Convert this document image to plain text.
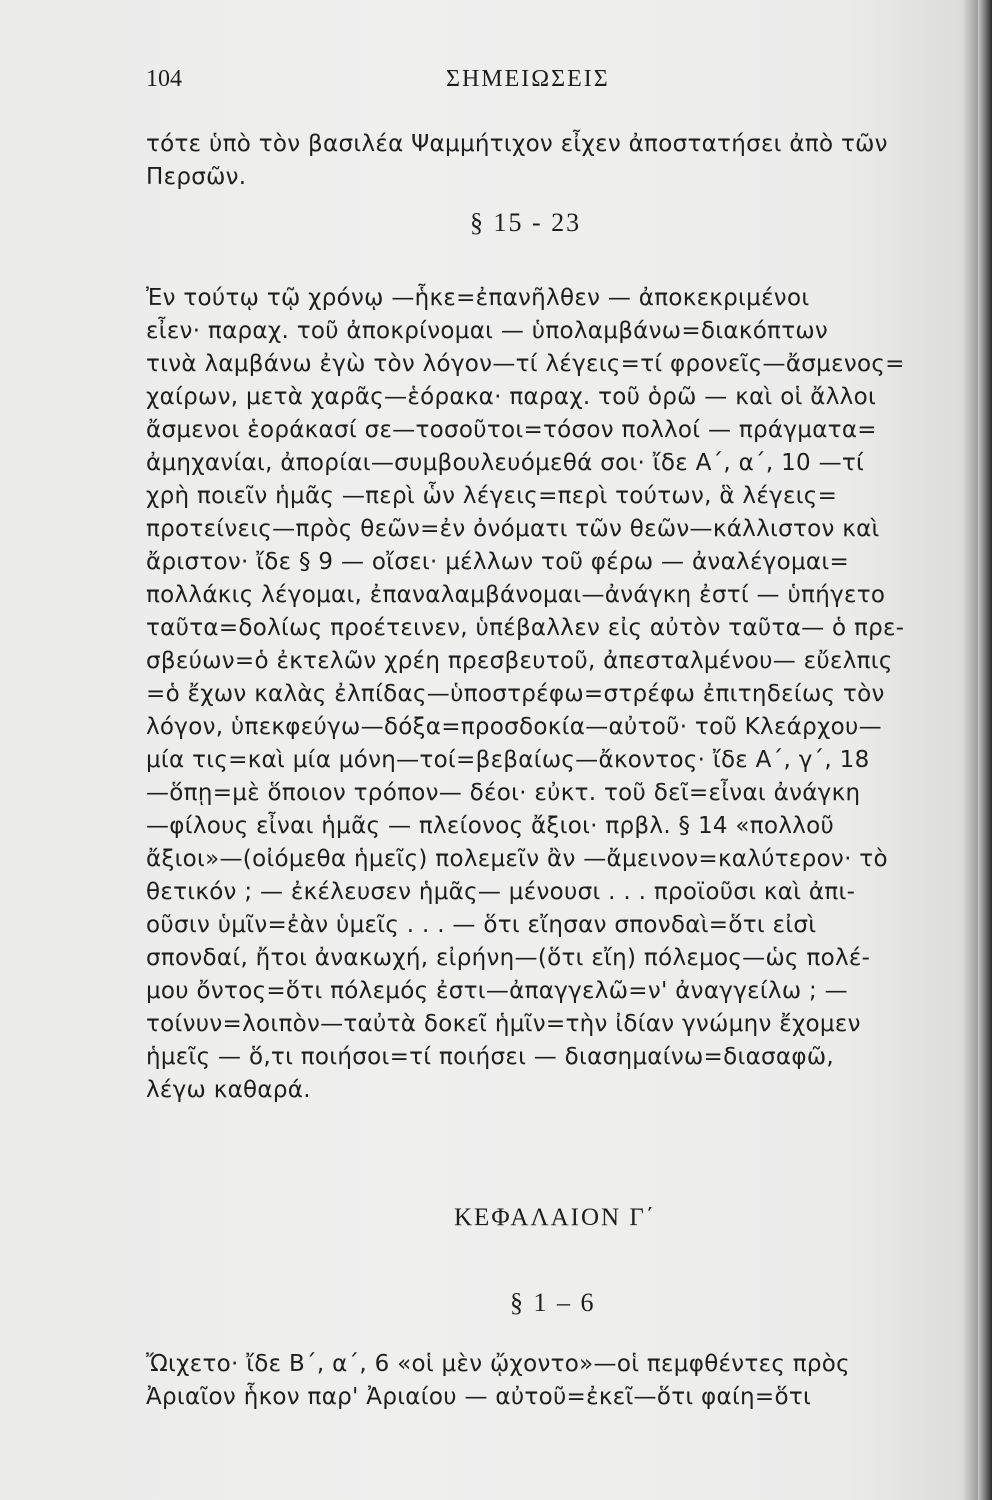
104	ΣΗΜΕΙΩΣΕΙΣ
τότε ὑπὸ τὸν βασιλέα Ψαμμήτιχον εἶχεν ἀποστατήσει ἀπὸ τῶν
Περσῶν.
§ 15 - 23
Ἐν τούτῳ τῷ χρόνῳ —ἧκε=ἐπανῆλθεν — ἀποκεκριμένοι
εἶεν· παραχ. τοῦ ἀποκρίνομαι — ὑπολαμβάνω=διακόπτων
τινὰ λαμβάνω ἐγὼ τὸν λόγον—τί λέγεις=τί φρονεῖς—ἄσμενος=
χαίρων, μετὰ χαρᾶς—ἑόρακα· παραχ. τοῦ ὁρῶ — καὶ οἱ ἄλλοι
ἄσμενοι ἑοράκασί σε—τοσοῦτοι=τόσον πολλοί — πράγματα=
ἀμηχανίαι, ἀπορίαι—συμβουλευόμεθά σοι· ἴδε Α΄, α΄, 10 —τί
χρὴ ποιεῖν ἡμᾶς —περὶ ὧν λέγεις=περὶ τούτων, ἃ λέγεις=
προτείνεις—πρὸς θεῶν=ἐν ὀνόματι τῶν θεῶν—κάλλιστον καὶ
ἄριστον· ἴδε § 9 — οἴσει· μέλλων τοῦ φέρω — ἀναλέγομαι=
πολλάκις λέγομαι, ἐπαναλαμβάνομαι—ἀνάγκη ἐστί — ὑπήγετο
ταῦτα=δολίως προέτεινεν, ὑπέβαλλεν εἰς αὐτὸν ταῦτα— ὁ πρε-
σβεύων=ὁ ἐκτελῶν χρέη πρεσβευτοῦ, ἀπεσταλμένου— εὔελπις
=ὁ ἔχων καλὰς ἐλπίδας—ὑποστρέφω=στρέφω ἐπιτηδείως τὸν
λόγον, ὑπεκφεύγω—δόξα=προσδοκία—αὐτοῦ· τοῦ Κλεάρχου—
μία τις=καὶ μία μόνη—τοί=βεβαίως—ἄκοντος· ἴδε Α΄, γ΄, 18
—ὅπῃ=μὲ ὅποιον τρόπον— δέοι· εὐκτ. τοῦ δεῖ=εἶναι ἀνάγκη
—φίλους εἶναι ἡμᾶς — πλείονος ἄξιοι· πρβλ. § 14 «πολλοῦ
ἄξιοι»—(οἰόμεθα ἡμεῖς) πολεμεῖν ἂν —ἄμεινον=καλύτερον· τὸ
θετικόν ; — ἐκέλευσεν ἡμᾶς— μένουσι . . . προϊοῦσι καὶ ἀπι-
οῦσιν ὑμῖν=ἐὰν ὑμεῖς . . . — ὅτι εἴησαν σπονδαὶ=ὅτι εἰσὶ
σπονδαί, ἤτοι ἀνακωχή, εἰρήνη—(ὅτι εἴη) πόλεμος—ὡς πολέ-
μου ὄντος=ὅτι πόλεμός ἐστι—ἀπαγγελῶ=ν' ἀναγγείλω ; —
τοίνυν=λοιπὸν—ταὐτὰ δοκεῖ ἡμῖν=τὴν ἰδίαν γνώμην ἔχομεν
ἡμεῖς — ὅ,τι ποιήσοι=τί ποιήσει — διασημαίνω=διασαφῶ,
λέγω καθαρά.
ΚΕΦΑΛΑΙΟΝ Γ΄
§ 1 – 6
Ὤιχετο· ἴδε Β΄, α΄, 6 «οἱ μὲν ᾤχοντο»—οἱ πεμφθέντες πρὸς
Ἀριαῖον ἧκον παρ' Ἀριαίου — αὐτοῦ=ἐκεῖ—ὅτι φαίη=ὅτι
